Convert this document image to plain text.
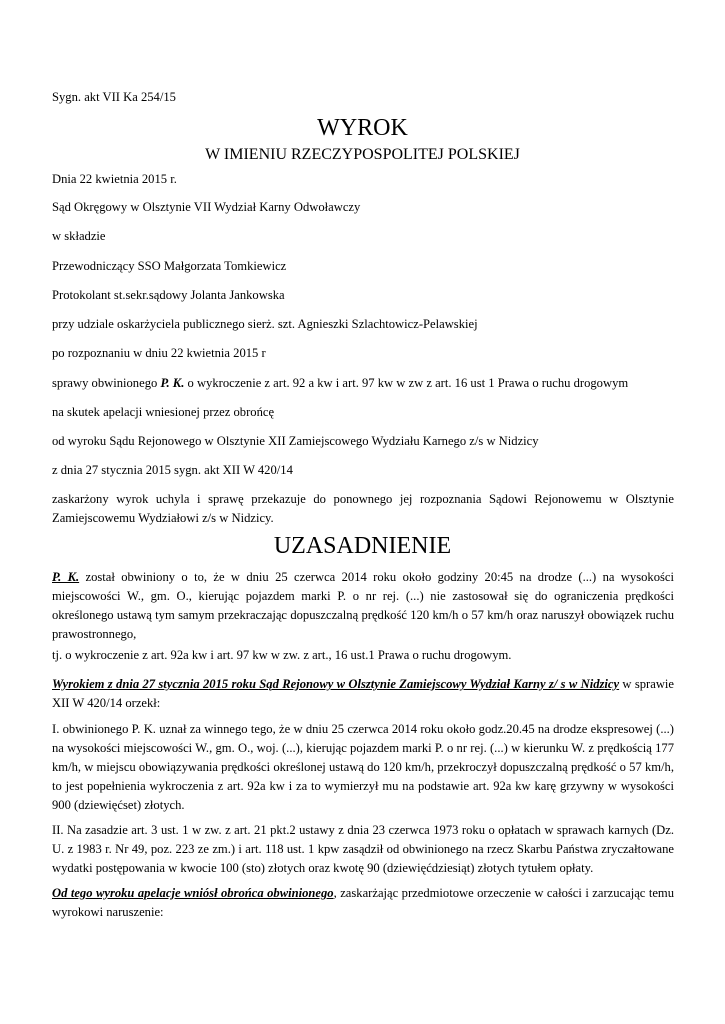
Sygn. akt VII Ka 254/15
WYROK
W IMIENIU RZECZYPOSPOLITEJ POLSKIEJ
Dnia 22 kwietnia 2015 r.
Sąd Okręgowy w Olsztynie VII Wydział Karny Odwoławczy
w składzie
Przewodniczący SSO Małgorzata Tomkiewicz
Protokolant st.sekr.sądowy Jolanta Jankowska
przy udziale oskarżyciela publicznego sierż. szt. Agnieszki Szlachtowicz-Pelawskiej
po rozpoznaniu w dniu 22 kwietnia 2015 r
sprawy obwinionego P. K. o wykroczenie z art. 92 a kw i art. 97 kw w zw z art. 16 ust 1 Prawa o ruchu drogowym
na skutek apelacji wniesionej przez obrońcę
od wyroku Sądu Rejonowego w Olsztynie XII Zamiejscowego Wydziału Karnego z/s w Nidzicy
z dnia 27 stycznia 2015 sygn. akt XII W 420/14
zaskarżony wyrok uchyla i sprawę przekazuje do ponownego jej rozpoznania Sądowi Rejonowemu w Olsztynie Zamiejscowemu Wydziałowi z/s w Nidzicy.
UZASADNIENIE
P. K. został obwiniony o to, że w dniu 25 czerwca 2014 roku około godziny 20:45 na drodze (...) na wysokości miejscowości W., gm. O., kierując pojazdem marki P. o nr rej. (...) nie zastosował się do ograniczenia prędkości określonego ustawą tym samym przekraczając dopuszczalną prędkość 120 km/h o 57 km/h oraz naruszył obowiązek ruchu prawostronnego,
tj. o wykroczenie z art. 92a kw i art. 97 kw w zw. z art., 16 ust.1 Prawa o ruchu drogowym.
Wyrokiem z dnia 27 stycznia 2015 roku Sąd Rejonowy w Olsztynie Zamiejscowy Wydział Karny z/ s w Nidzicy w sprawie XII W 420/14 orzekł:
I. obwinionego P. K. uznał za winnego tego, że w dniu 25 czerwca 2014 roku około godz.20.45 na drodze ekspresowej (...) na wysokości miejscowości W., gm. O., woj. (...), kierując pojazdem marki P. o nr rej. (...) w kierunku W. z prędkością 177 km/h, w miejscu obowiązywania prędkości określonej ustawą do 120 km/h, przekroczył dopuszczalną prędkość o 57 km/h, to jest popełnienia wykroczenia z art. 92a kw i za to wymierzył mu na podstawie art. 92a kw karę grzywny w wysokości 900 (dziewięćset) złotych.
II. Na zasadzie art. 3 ust. 1 w zw. z art. 21 pkt.2 ustawy z dnia 23 czerwca 1973 roku o opłatach w sprawach karnych (Dz. U. z 1983 r. Nr 49, poz. 223 ze zm.) i art. 118 ust. 1 kpw zasądził od obwinionego na rzecz Skarbu Państwa zryczałtowane wydatki postępowania w kwocie 100 (sto) złotych oraz kwotę 90 (dziewięćdziesiąt) złotych tytułem opłaty.
Od tego wyroku apelacje wniósł obrońca obwinionego, zaskarżając przedmiotowe orzeczenie w całości i zarzucając temu wyrokowi naruszenie:
